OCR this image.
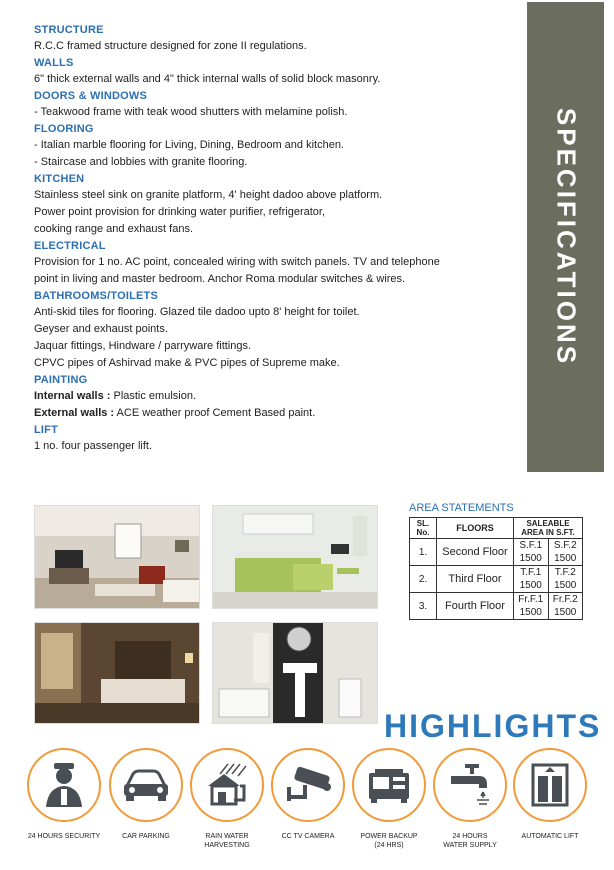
STRUCTURE

R.C.C framed structure designed for zone II regulations.

WALLS

6" thick external walls and 4" thick internal walls of solid block masonry.

DOORS & WINDOWS

- Teakwood frame with teak wood shutters with melamine polish.

FLOORING

- Italian marble flooring for Living, Dining, Bedroom and kitchen.

- Staircase and lobbies with granite flooring.

KITCHEN

Stainless steel sink on granite platform, 4' height dadoo above platform.

Power point provision for drinking water purifier, refrigerator,

cooking range and exhaust fans.

ELECTRICAL

Provision for 1 no. AC point, concealed wiring with switch panels. TV and telephone

point in living and master bedroom. Anchor Roma modular switches & wires.

BATHROOMS/TOILETS

Anti-skid tiles for flooring. Glazed tile dadoo upto 8' height for toilet.

Geyser and exhaust points.

Jaquar fittings, Hindware / parryware fittings.

CPVC pipes of Ashirvad make & PVC pipes of Supreme make.

PAINTING

Internal walls : Plastic emulsion.

External walls : ACE weather proof Cement Based paint.

LIFT

1 no. four passenger lift.

SPECIFICATIONS
AREA STATEMENTS
SL. No.	FLOORS	SALEABLE AREA IN S.FT.	
1.	Second Floor	S.F.1	S.F.2
		1500	1500
2.	Third Floor	T.F.1	T.F.2
		1500	1500
3.	Fourth Floor	Fr.F.1	Fr.F.2
		1500	1500
HIGHLIGHTS
24 HOURS SECURITY	CAR PARKING	RAIN WATER
HARVESTING
CC TV CAMERA	POWER BACKUP
(24 HRS)
24 HOURS
WATER SUPPLY
AUTOMATIC LIFT
